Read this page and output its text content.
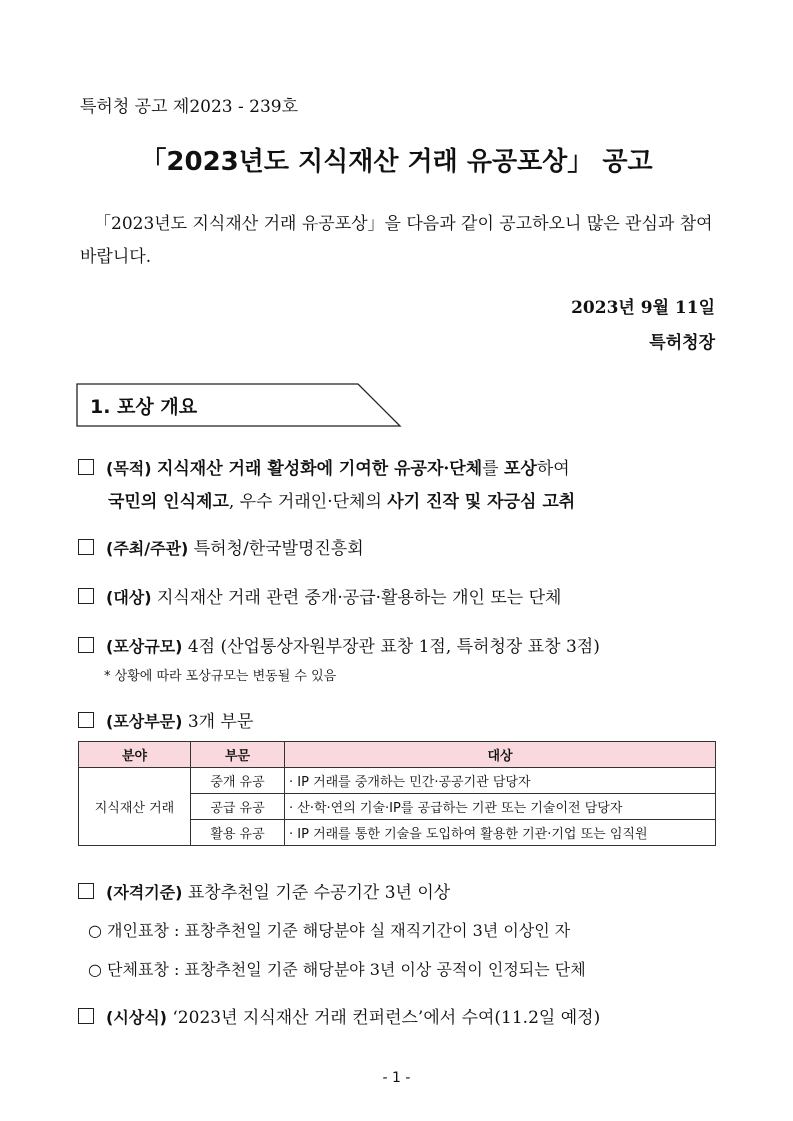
특허청 공고 제2023 - 239호
「2023년도 지식재산 거래 유공포상」 공고
「2023년도 지식재산 거래 유공포상」을 다음과 같이 공고하오니 많은 관심과 참여 바랍니다.
2023년 9월 11일
특허청장
1. 포상 개요
(목적) 지식재산 거래 활성화에 기여한 유공자·단체를 포상하여
국민의 인식제고, 우수 거래인·단체의 사기 진작 및 자긍심 고취
(주최/주관) 특허청/한국발명진흥회
(대상) 지식재산 거래 관련 중개·공급·활용하는 개인 또는 단체
(포상규모) 4점 (산업통상자원부장관 표창 1점, 특허청장 표창 3점)
* 상황에 따라 포상규모는 변동될 수 있음
(포상부문) 3개 부문
분야	부문	대상
지식재산 거래	중개 유공	· IP 거래를 중개하는 민간·공공기관 담당자
	공급 유공	· 산·학·연의 기술·IP를 공급하는 기관 또는 기술이전 담당자
	활용 유공	· IP 거래를 통한 기술을 도입하여 활용한 기관·기업 또는 임직원
(자격기준) 표창추천일 기준 수공기간 3년 이상
○ 개인표창 : 표창추천일 기준 해당분야 실 재직기간이 3년 이상인 자
○ 단체표창 : 표창추천일 기준 해당분야 3년 이상 공적이 인정되는 단체
(시상식) ‘2023년 지식재산 거래 컨퍼런스’에서 수여(11.2일 예정)
- 1 -
